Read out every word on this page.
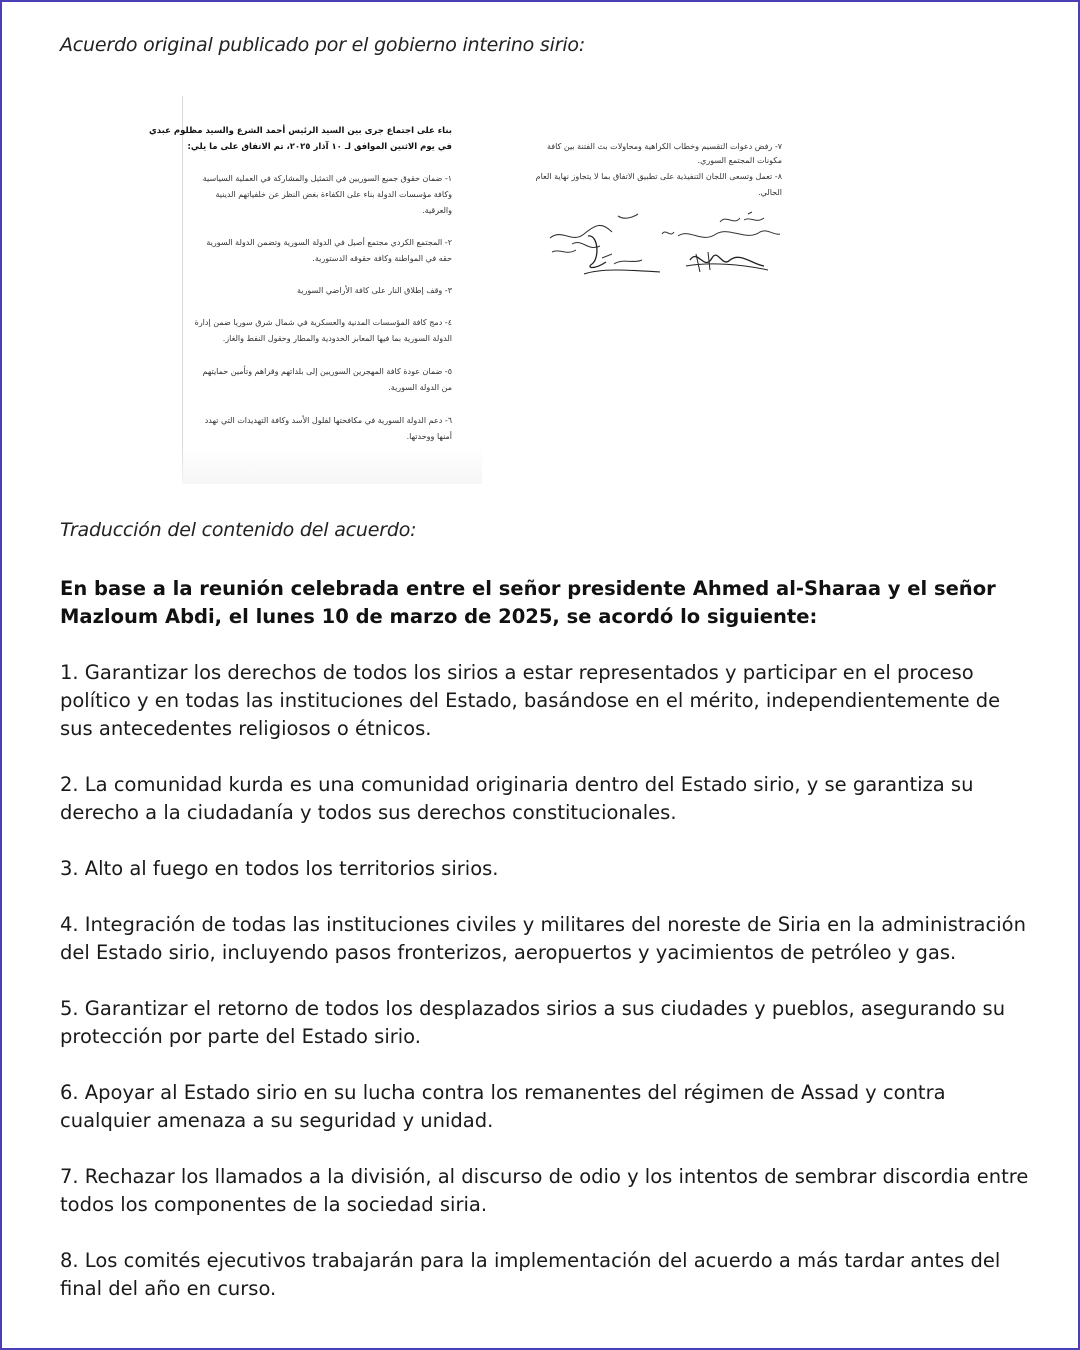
Acuerdo original publicado por el gobierno interino sirio:

بناء على اجتماع جرى بين السيد الرئيس أحمد الشرع والسيد مظلوم عبدي
في يوم الاثنين الموافق لـ ١٠ آذار ٢٠٢٥، تم الاتفاق على ما يلي:
١- ضمان حقوق جميع السوريين في التمثيل والمشاركة في العملية السياسية
وكافة مؤسسات الدولة بناء على الكفاءة بغض النظر عن خلفياتهم الدينية
والعرقية.
٢- المجتمع الكردي مجتمع أصيل في الدولة السورية وتضمن الدولة السورية
حقه في المواطنة وكافة حقوقه الدستورية.
٣- وقف إطلاق النار على كافة الأراضي السورية
٤- دمج كافة المؤسسات المدنية والعسكرية في شمال شرق سوريا ضمن إدارة
الدولة السورية بما فيها المعابر الحدودية والمطار وحقول النفط والغاز.
٥- ضمان عودة كافة المهجرين السوريين إلى بلداتهم وقراهم وتأمين حمايتهم
من الدولة السورية.
٦- دعم الدولة السورية في مكافحتها لفلول الأسد وكافة التهديدات التي تهدد
أمنها ووحدتها.
٧- رفض دعوات التقسيم وخطاب الكراهية ومحاولات بث الفتنة بين كافة
مكونات المجتمع السوري.
٨- تعمل وتسعى اللجان التنفيذية على تطبيق الاتفاق بما لا يتجاوز نهاية العام
الحالي.

Traducción del contenido del acuerdo:

En base a la reunión celebrada entre el señor presidente Ahmed al-Sharaa y el señor Mazloum Abdi, el lunes 10 de marzo de 2025, se acordó lo siguiente:

1. Garantizar los derechos de todos los sirios a estar representados y participar en el proceso político y en todas las instituciones del Estado, basándose en el mérito, independientemente de sus antecedentes religiosos o étnicos.

2. La comunidad kurda es una comunidad originaria dentro del Estado sirio, y se garantiza su derecho a la ciudadanía y todos sus derechos constitucionales.

3. Alto al fuego en todos los territorios sirios.

4. Integración de todas las instituciones civiles y militares del noreste de Siria en la administración del Estado sirio, incluyendo pasos fronterizos, aeropuertos y yacimientos de petróleo y gas.

5. Garantizar el retorno de todos los desplazados sirios a sus ciudades y pueblos, asegurando su protección por parte del Estado sirio.

6. Apoyar al Estado sirio en su lucha contra los remanentes del régimen de Assad y contra cualquier amenaza a su seguridad y unidad.

7. Rechazar los llamados a la división, al discurso de odio y los intentos de sembrar discordia entre todos los componentes de la sociedad siria.

8. Los comités ejecutivos trabajarán para la implementación del acuerdo a más tardar antes del final del año en curso.
